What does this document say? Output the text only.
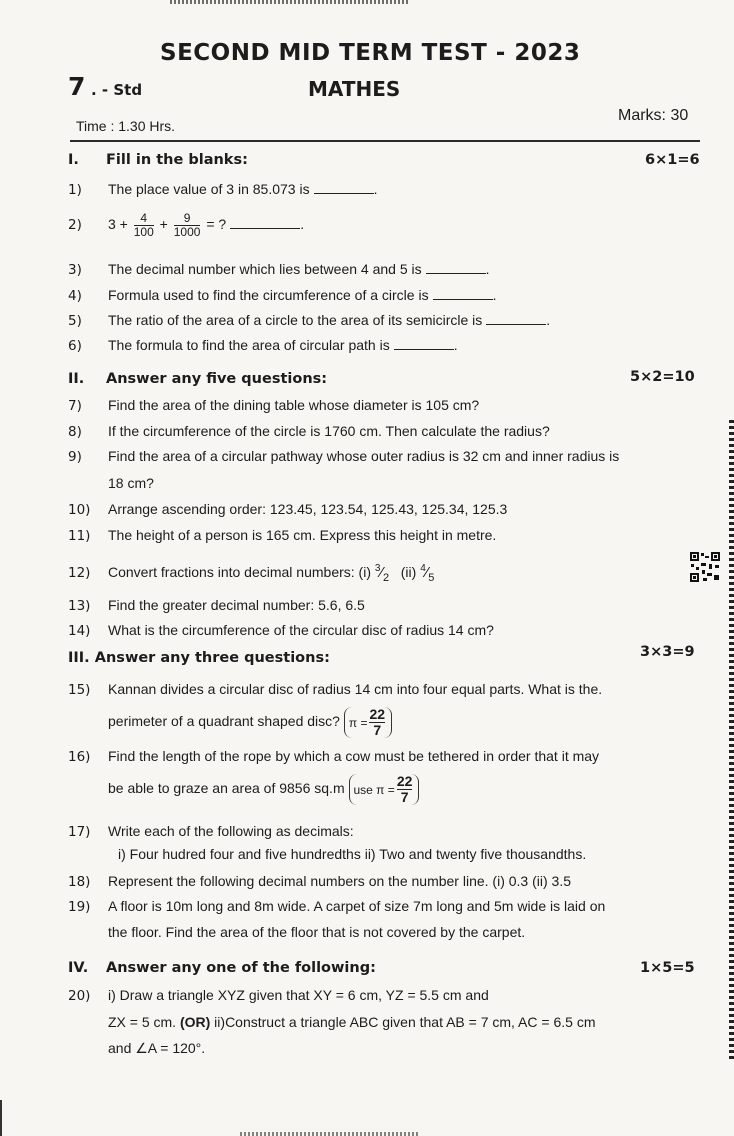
SECOND MID TERM TEST - 2023
7 . - Std	MATHES
Time : 1.30 Hrs.
Marks: 30
I. Fill in the blanks:	6×1=6
1) The place value of 3 in 85.073 is	.
2) $3 + \frac{4}{100} + \frac{9}{1000}$ = ?	.
3) The decimal number which lies between 4 and 5 is	.
4) Formula used to find the circumference of a circle is	.
5) The ratio of the area of a circle to the area of its semicircle is	.
6) The formula to find the area of circular path is	.
II. Answer any five questions:	5×2=10
7) Find the area of the dining table whose diameter is 105 cm?
8) If the circumference of the circle is 1760 cm. Then calculate the radius?
9) Find the area of a circular pathway whose outer radius is 32 cm and inner radius is
18 cm?
10) Arrange ascending order: 123.45, 123.54, 125.43, 125.34, 125.3
11) The height of a person is 165 cm. Express this height in metre.
12) Convert fractions into decimal numbers: (i) $^3⁄_2$ (ii) $^4⁄_5$
13) Find the greater decimal number: 5.6, 6.5
14) What is the circumference of the circular disc of radius 14 cm?
III. Answer any three questions:	3×3=9
15) Kannan divides a circular disc of radius 14 cm into four equal parts. What is the.
perimeter of a quadrant shaped disc? $\pi = \frac{22}{7}$
16) Find the length of the rope by which a cow must be tethered in order that it may
be able to graze an area of 9856 sq.m use $\pi = \frac{22}{7}$
17) Write each of the following as decimals:
i) Four hudred four and five hundredths ii) Two and twenty five thousandths.
18) Represent the following decimal numbers on the number line. (i) 0.3 (ii) 3.5
19) A floor is 10m long and 8m wide. A carpet of size 7m long and 5m wide is laid on
the floor. Find the area of the floor that is not covered by the carpet.
IV. Answer any one of the following:	1×5=5
20) i) Draw a triangle XYZ given that XY = 6 cm, YZ = 5.5 cm and
ZX = 5 cm. (OR) ii)Construct a triangle ABC given that AB = 7 cm, AC = 6.5 cm
and ∠A = 120°.
